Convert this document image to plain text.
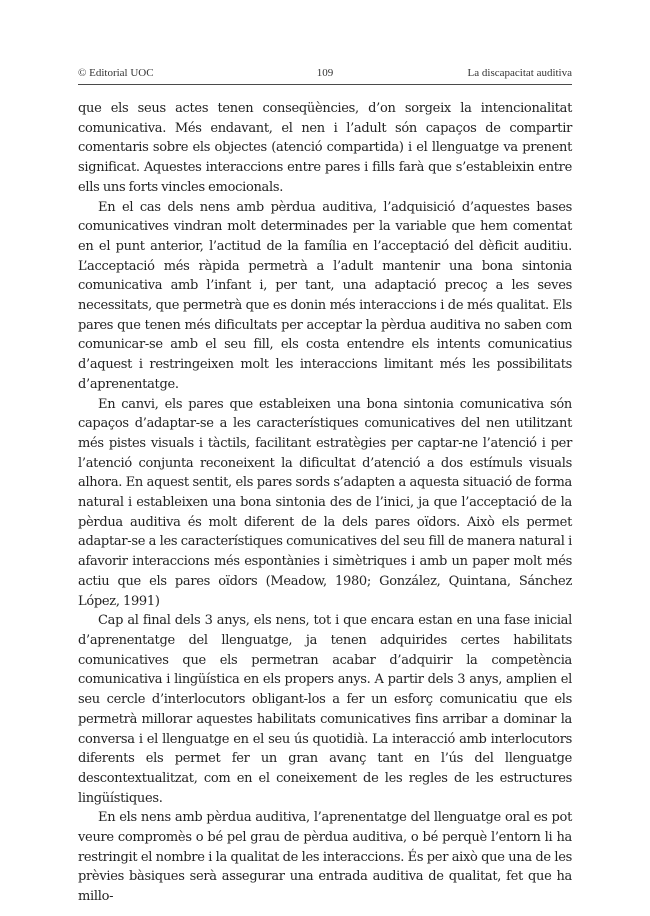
© Editorial UOC	109	La discapacitat auditiva

que els seus actes tenen conseqüències, d’on sorgeix la intencionalitat comunicativa. Més endavant, el nen i l’adult són capaços de compartir comentaris sobre els objectes (atenció compartida) i el llenguatge va prenent significat. Aquestes interaccions entre pares i fills farà que s’estableixin entre ells uns forts vincles emocionals.

En el cas dels nens amb pèrdua auditiva, l’adquisició d’aquestes bases comunicatives vindran molt determinades per la variable que hem comentat en el punt anterior, l’actitud de la família en l’acceptació del dèficit auditiu. L’acceptació més ràpida permetrà a l’adult mantenir una bona sintonia comunicativa amb l’infant i, per tant, una adaptació precoç a les seves necessitats, que permetrà que es donin més interaccions i de més qualitat. Els pares que tenen més dificultats per acceptar la pèrdua auditiva no saben com comunicar-se amb el seu fill, els costa entendre els intents comunicatius d’aquest i restringeixen molt les interaccions limitant més les possibilitats d’aprenentatge.

En canvi, els pares que estableixen una bona sintonia comunicativa són capaços d’adaptar-se a les característiques comunicatives del nen utilitzant més pistes visuals i tàctils, facilitant estratègies per captar-ne l’atenció i per l’atenció conjunta reconeixent la dificultat d’atenció a dos estímuls visuals alhora. En aquest sentit, els pares sords s’adapten a aquesta situació de forma natural i estableixen una bona sintonia des de l’inici, ja que l’acceptació de la pèrdua auditiva és molt diferent de la dels pares oïdors. Això els permet adaptar-se a les característiques comunicatives del seu fill de manera natural i afavorir interaccions més espontànies i simètriques i amb un paper molt més actiu que els pares oïdors (Meadow, 1980; González, Quintana, Sánchez López, 1991)

Cap al final dels 3 anys, els nens, tot i que encara estan en una fase inicial d’aprenentatge del llenguatge, ja tenen adquirides certes habilitats comunicatives que els permetran acabar d’adquirir la competència comunicativa i lingüística en els propers anys. A partir dels 3 anys, amplien el seu cercle d’interlocutors obligant-los a fer un esforç comunicatiu que els permetrà millorar aquestes habilitats comunicatives fins arribar a dominar la conversa i el llenguatge en el seu ús quotidià. La interacció amb interlocutors diferents els permet fer un gran avanç tant en l’ús del llenguatge descontextualitzat, com en el coneixement de les regles de les estructures lingüístiques.

En els nens amb pèrdua auditiva, l’aprenentatge del llenguatge oral es pot veure compromès o bé pel grau de pèrdua auditiva, o bé perquè l’entorn li ha restringit el nombre i la qualitat de les interaccions. És per això que una de les prèvies bàsiques serà assegurar una entrada auditiva de qualitat, fet que ha millo-
